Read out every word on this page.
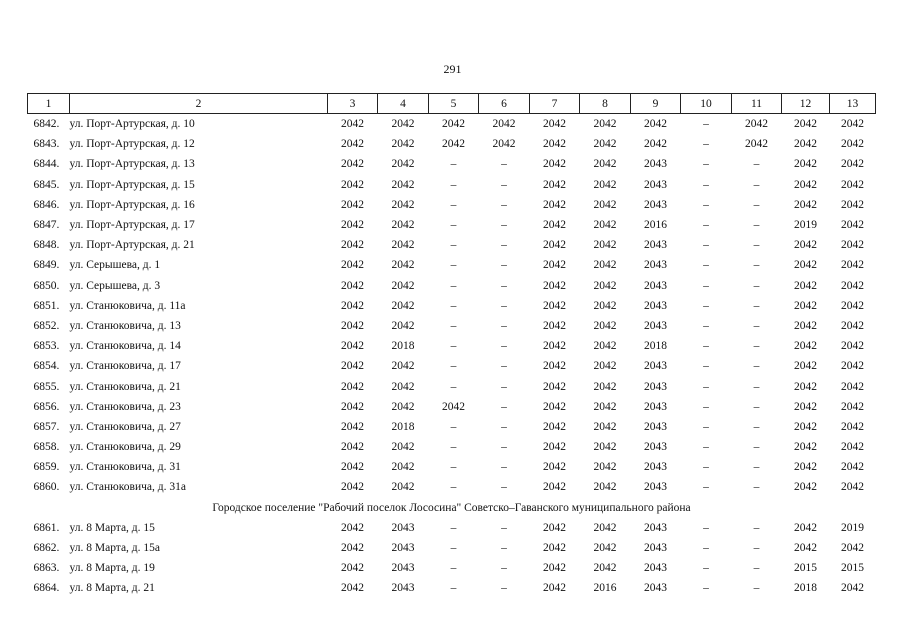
291
1	2	3	4	5	6	7	8	9	10	11	12	13
6842.	ул. Порт-Артурская, д. 10	2042	2042	2042	2042	2042	2042	2042	–	2042	2042	2042
6843.	ул. Порт-Артурская, д. 12	2042	2042	2042	2042	2042	2042	2042	–	2042	2042	2042
6844.	ул. Порт-Артурская, д. 13	2042	2042	–	–	2042	2042	2043	–	–	2042	2042
6845.	ул. Порт-Артурская, д. 15	2042	2042	–	–	2042	2042	2043	–	–	2042	2042
6846.	ул. Порт-Артурская, д. 16	2042	2042	–	–	2042	2042	2043	–	–	2042	2042
6847.	ул. Порт-Артурская, д. 17	2042	2042	–	–	2042	2042	2016	–	–	2019	2042
6848.	ул. Порт-Артурская, д. 21	2042	2042	–	–	2042	2042	2043	–	–	2042	2042
6849.	ул. Серышева, д. 1	2042	2042	–	–	2042	2042	2043	–	–	2042	2042
6850.	ул. Серышева, д. 3	2042	2042	–	–	2042	2042	2043	–	–	2042	2042
6851.	ул. Станюковича, д. 11а	2042	2042	–	–	2042	2042	2043	–	–	2042	2042
6852.	ул. Станюковича, д. 13	2042	2042	–	–	2042	2042	2043	–	–	2042	2042
6853.	ул. Станюковича, д. 14	2042	2018	–	–	2042	2042	2018	–	–	2042	2042
6854.	ул. Станюковича, д. 17	2042	2042	–	–	2042	2042	2043	–	–	2042	2042
6855.	ул. Станюковича, д. 21	2042	2042	–	–	2042	2042	2043	–	–	2042	2042
6856.	ул. Станюковича, д. 23	2042	2042	2042	–	2042	2042	2043	–	–	2042	2042
6857.	ул. Станюковича, д. 27	2042	2018	–	–	2042	2042	2043	–	–	2042	2042
6858.	ул. Станюковича, д. 29	2042	2042	–	–	2042	2042	2043	–	–	2042	2042
6859.	ул. Станюковича, д. 31	2042	2042	–	–	2042	2042	2043	–	–	2042	2042
6860.	ул. Станюковича, д. 31а	2042	2042	–	–	2042	2042	2043	–	–	2042	2042
Городское поселение "Рабочий поселок Лососина" Советско–Гаванского муниципального района												
6861.	ул. 8 Марта, д. 15	2042	2043	–	–	2042	2042	2043	–	–	2042	2019
6862.	ул. 8 Марта, д. 15а	2042	2043	–	–	2042	2042	2043	–	–	2042	2042
6863.	ул. 8 Марта, д. 19	2042	2043	–	–	2042	2042	2043	–	–	2015	2015
6864.	ул. 8 Марта, д. 21	2042	2043	–	–	2042	2016	2043	–	–	2018	2042
